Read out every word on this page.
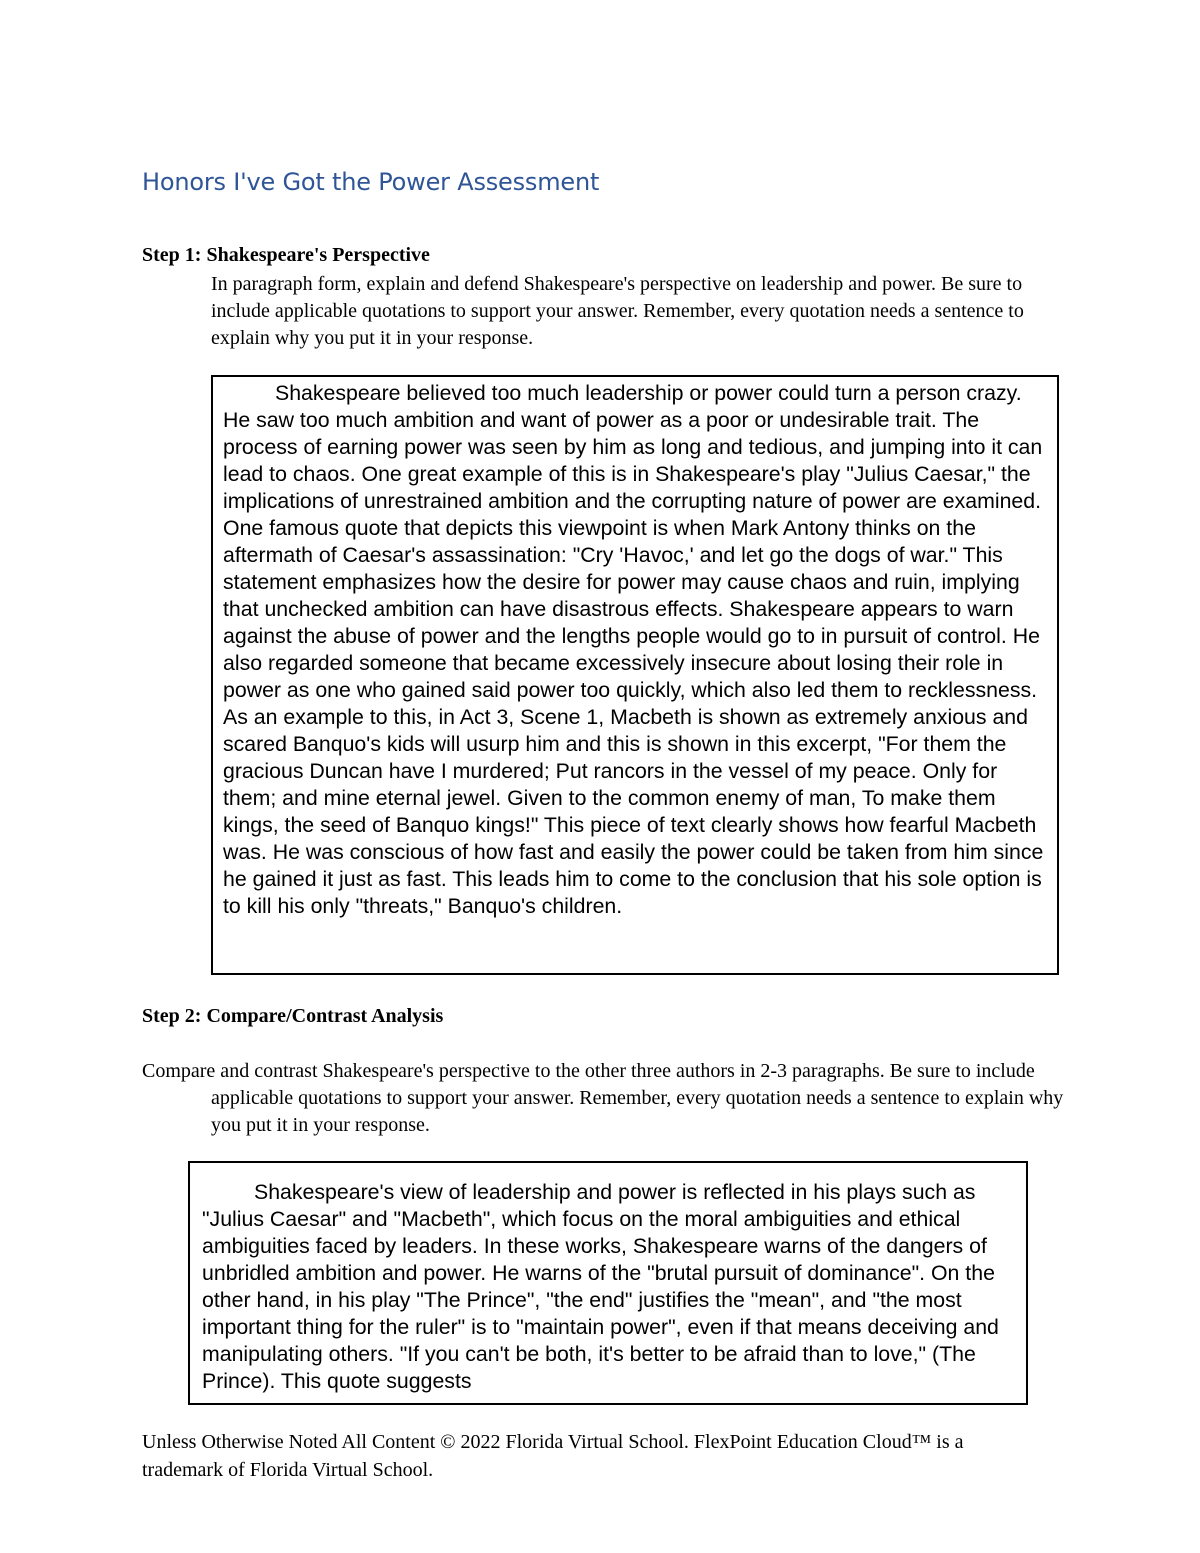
Honors I've Got the Power Assessment
Step 1: Shakespeare's Perspective

In paragraph form, explain and defend Shakespeare's perspective on leadership and power. Be sure to include applicable quotations to support your answer. Remember, every quotation needs a sentence to explain why you put it in your response.

Shakespeare believed too much leadership or power could turn a person crazy. He saw too much ambition and want of power as a poor or undesirable trait. The process of earning power was seen by him as long and tedious, and jumping into it can lead to chaos. One great example of this is in Shakespeare's play "Julius Caesar," the implications of unrestrained ambition and the corrupting nature of power are examined. One famous quote that depicts this viewpoint is when Mark Antony thinks on the aftermath of Caesar's assassination: "Cry 'Havoc,' and let go the dogs of war." This statement emphasizes how the desire for power may cause chaos and ruin, implying that unchecked ambition can have disastrous effects. Shakespeare appears to warn against the abuse of power and the lengths people would go to in pursuit of control. He also regarded someone that became excessively insecure about losing their role in power as one who gained said power too quickly, which also led them to recklessness. As an example to this, in Act 3, Scene 1, Macbeth is shown as extremely anxious and scared Banquo's kids will usurp him and this is shown in this excerpt, "For them the gracious Duncan have I murdered; Put rancors in the vessel of my peace. Only for them; and mine eternal jewel. Given to the common enemy of man, To make them kings, the seed of Banquo kings!" This piece of text clearly shows how fearful Macbeth was. He was conscious of how fast and easily the power could be taken from him since he gained it just as fast. This leads him to come to the conclusion that his sole option is to kill his only "threats," Banquo's children.

Step 2: Compare/Contrast Analysis

Compare and contrast Shakespeare's perspective to the other three authors in 2-3 paragraphs. Be sure to include applicable quotations to support your answer. Remember, every quotation needs a sentence to explain why you put it in your response.

Shakespeare's view of leadership and power is reflected in his plays such as "Julius Caesar" and "Macbeth", which focus on the moral ambiguities and ethical ambiguities faced by leaders. In these works, Shakespeare warns of the dangers of unbridled ambition and power. He warns of the "brutal pursuit of dominance". On the other hand, in his play "The Prince", "the end" justifies the "mean", and "the most important thing for the ruler" is to "maintain power", even if that means deceiving and manipulating others. "If you can't be both, it's better to be afraid than to love," (The Prince). This quote suggests

Unless Otherwise Noted All Content © 2022 Florida Virtual School. FlexPoint Education Cloud™ is a trademark of Florida Virtual School.
